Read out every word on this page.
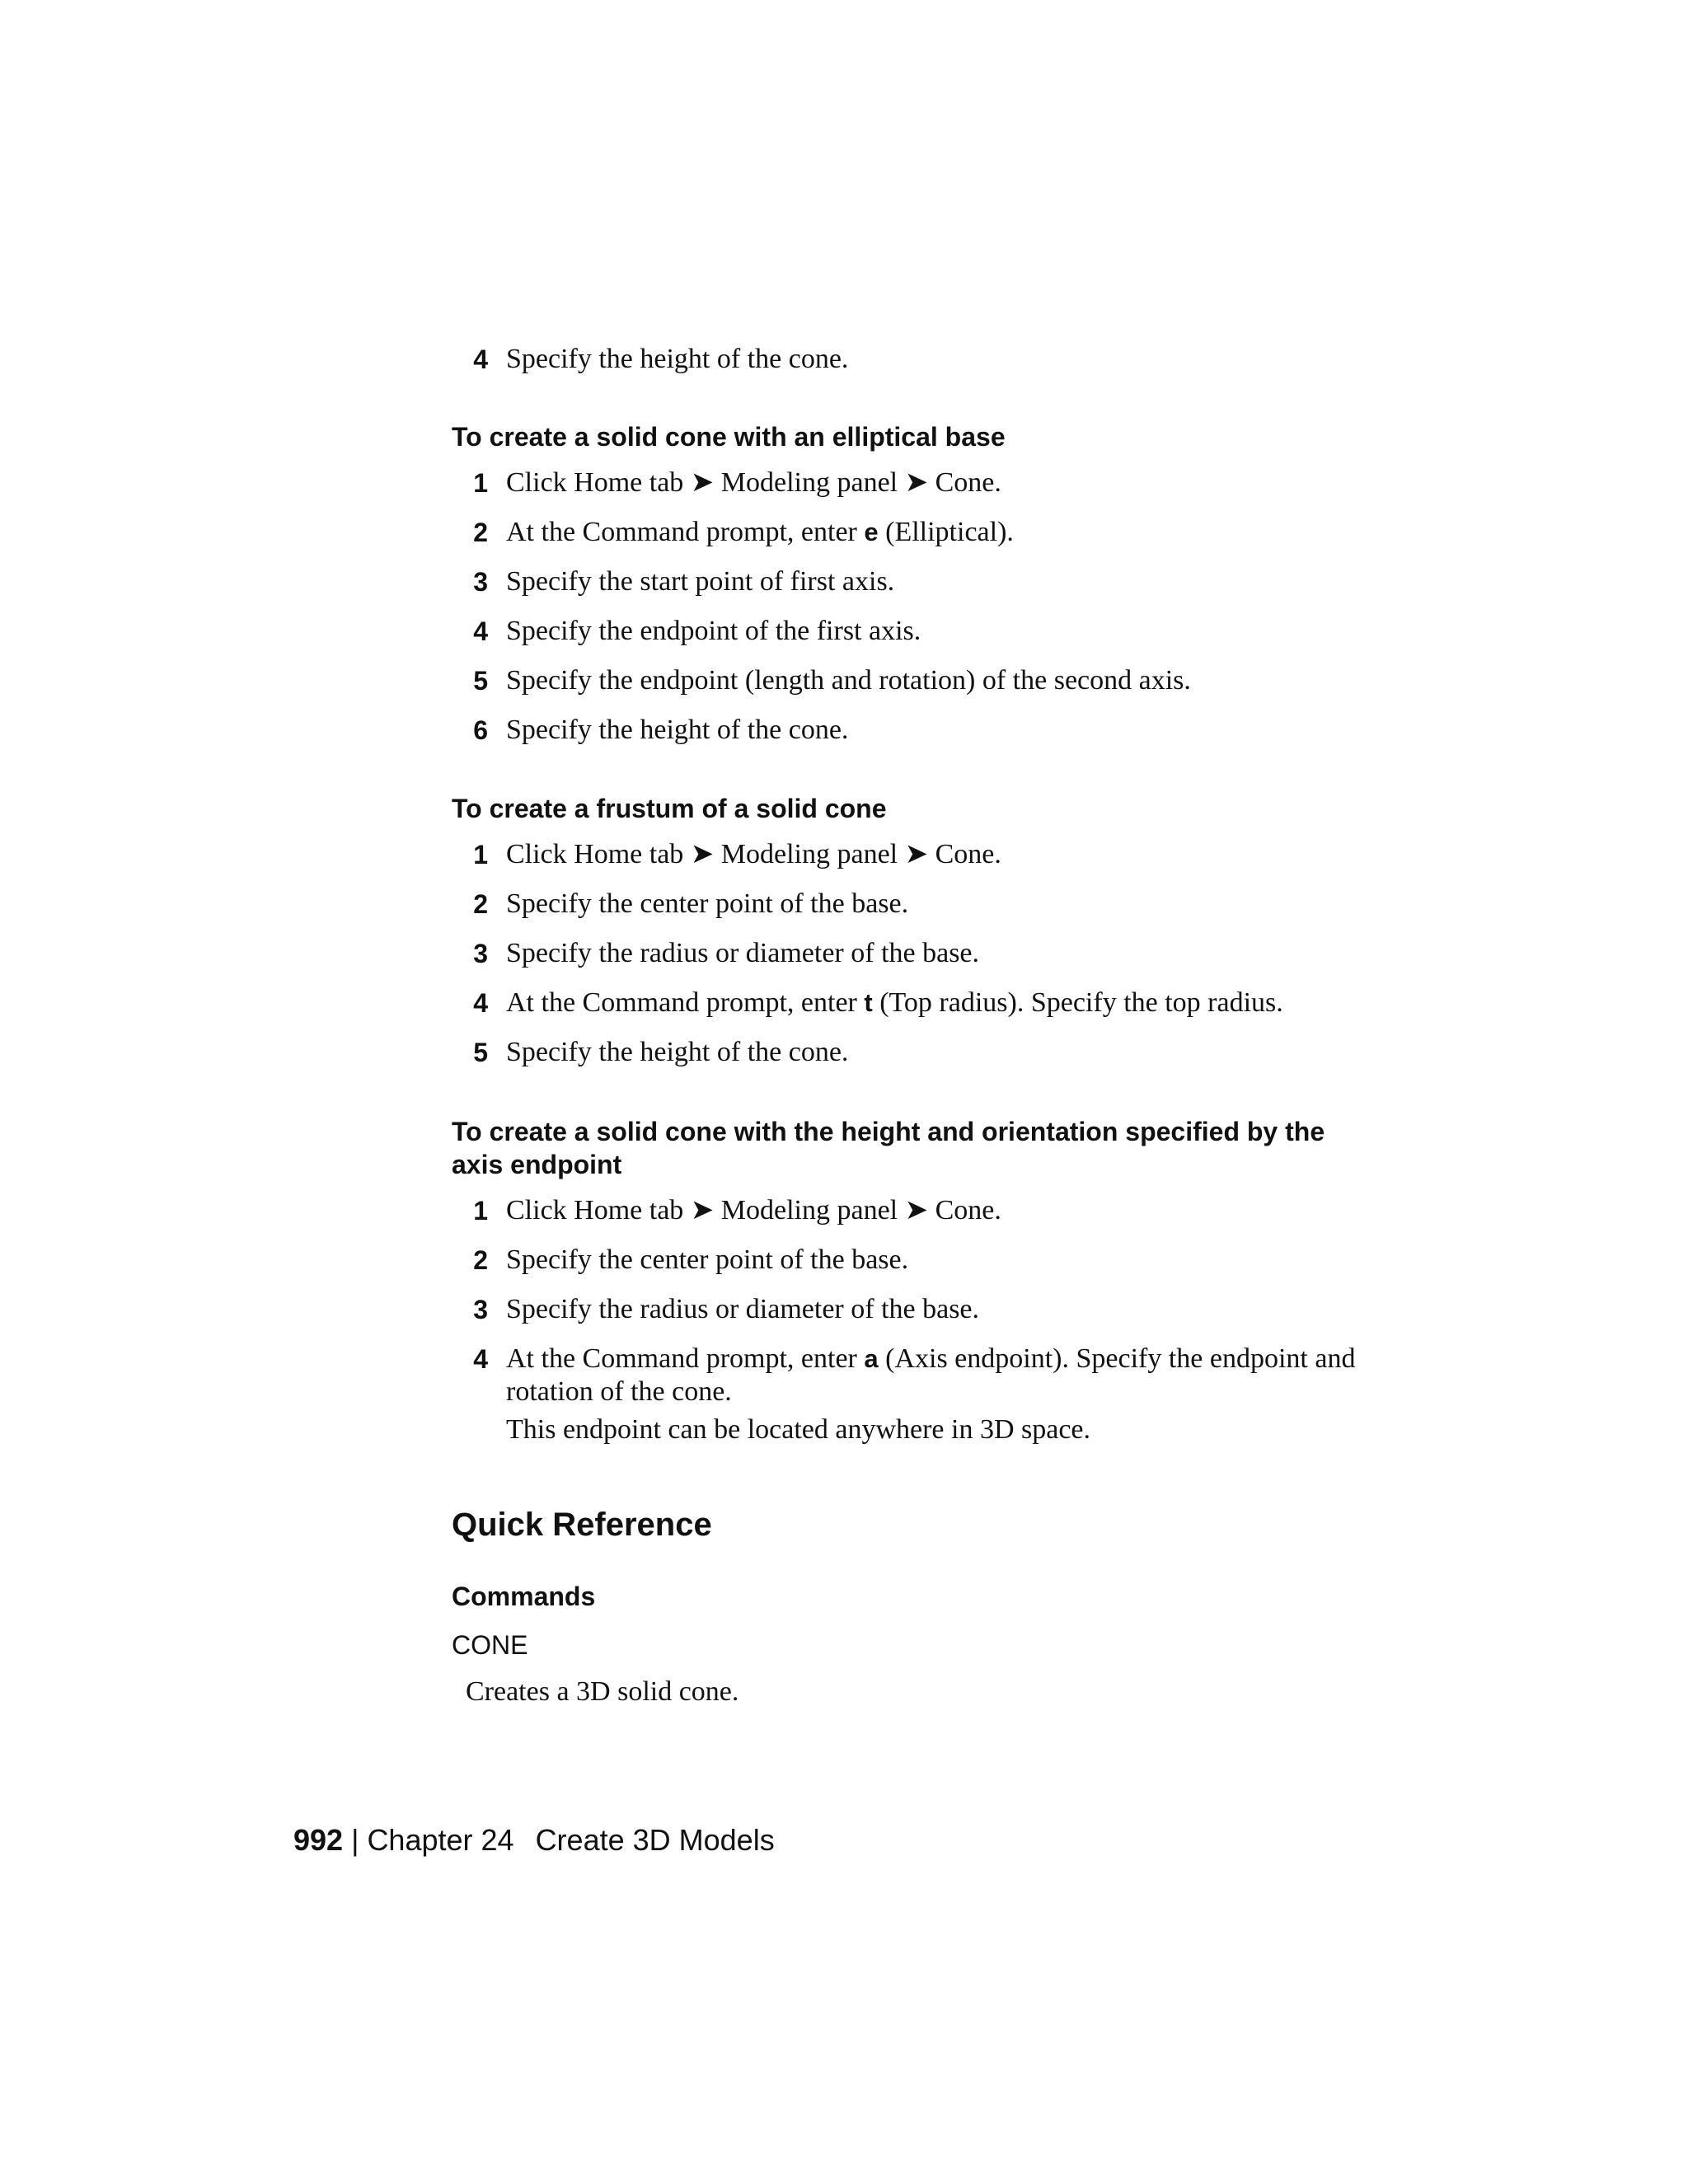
4 Specify the height of the cone.
To create a solid cone with an elliptical base
1 Click Home tab ➤ Modeling panel ➤ Cone.
2 At the Command prompt, enter e (Elliptical).
3 Specify the start point of first axis.
4 Specify the endpoint of the first axis.
5 Specify the endpoint (length and rotation) of the second axis.
6 Specify the height of the cone.
To create a frustum of a solid cone
1 Click Home tab ➤ Modeling panel ➤ Cone.
2 Specify the center point of the base.
3 Specify the radius or diameter of the base.
4 At the Command prompt, enter t (Top radius). Specify the top radius.
5 Specify the height of the cone.
To create a solid cone with the height and orientation specified by the axis endpoint
1 Click Home tab ➤ Modeling panel ➤ Cone.
2 Specify the center point of the base.
3 Specify the radius or diameter of the base.
4 At the Command prompt, enter a (Axis endpoint). Specify the endpoint and rotation of the cone.
This endpoint can be located anywhere in 3D space.
Quick Reference
Commands
CONE
Creates a 3D solid cone.
992 | Chapter 24 Create 3D Models
